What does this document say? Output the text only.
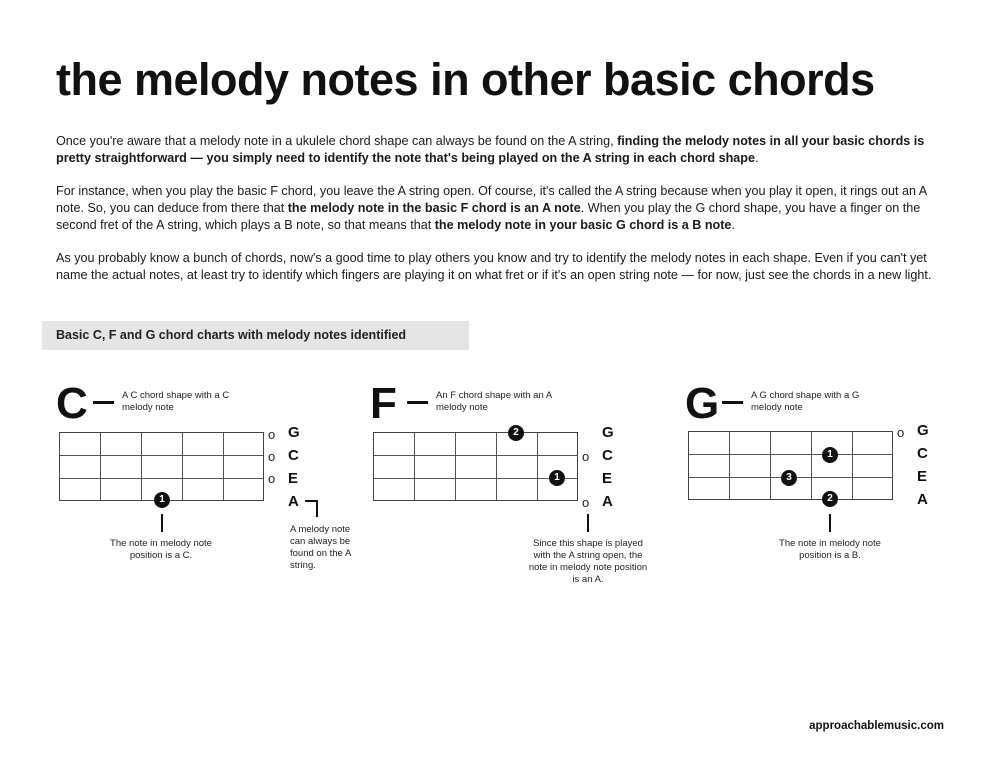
the melody notes in other basic chords

Once you're aware that a melody note in a ukulele chord shape can always be found on the A string, finding the melody notes in all your basic chords is pretty straightforward — you simply need to identify the note that's being played on the A string in each chord shape.

For instance, when you play the basic F chord, you leave the A string open. Of course, it's called the A string because when you play it open, it rings out an A note. So, you can deduce from there that the melody note in the basic F chord is an A note. When you play the G chord shape, you have a finger on the second fret of the A string, which plays a B note, so that means that the melody note in your basic G chord is a B note.

As you probably know a bunch of chords, now's a good time to play others you know and try to identify the melody notes in each shape. Even if you can't yet name the actual notes, at least try to identify which fingers are playing it on what fret or if it's an open string note — for now, just see the chords in a new light.

Basic C, F and G chord charts with melody notes identified
C	A C chord shape with a C melody note
o
o
o
G
C
E
A
1
The note in melody note position is a C.
A melody note can always be found on the A string.
F	An F chord shape with an A melody note
2
1
o
o
G
C
E
A
Since this shape is played with the A string open, the note in melody note position is an A.
G	A G chord shape with a G melody note
1
3
2
o G
C
E
A
The note in melody note position is a B.
approachablemusic.com
